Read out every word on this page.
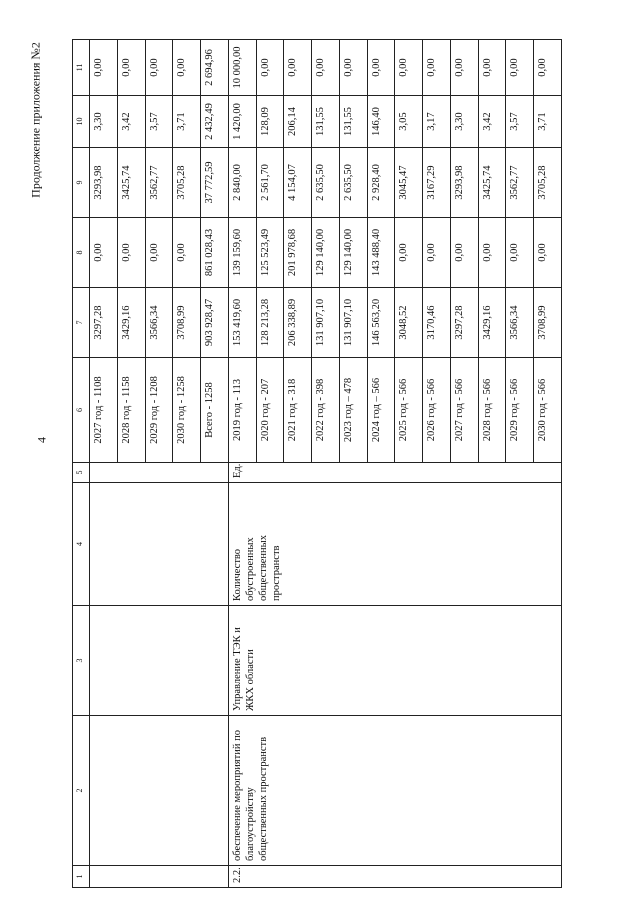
4
Продолжение приложения №2
1	2	3	4	5	6	7	8	9	10	11
					2027 год - 1108	3297,28	0,00	3293,98	3,30	0,00
					2028 год - 1158	3429,16	0,00	3425,74	3,42	0,00
					2029 год - 1208	3566,34	0,00	3562,77	3,57	0,00
					2030 год - 1258	3708,99	0,00	3705,28	3,71	0,00
					Всего - 1258	903 928,47	861 028,43	37 772,59	2 432,49	2 694,96
2.2.	обеспечение мероприятий по благоустройству общественных пространств	Управление ТЭК и ЖКХ области	Количество обустроенных общественных пространств	Ед.	2019 год - 113	153 419,60	139 159,60	2 840,00	1 420,00	10 000,00
					2020 год - 207	128 213,28	125 523,49	2 561,70	128,09	0,00
					2021 год - 318	206 338,89	201 978,68	4 154,07	206,14	0,00
					2022 год - 398	131 907,10	129 140,00	2 635,50	131,55	0,00
					2023 год – 478	131 907,10	129 140,00	2 635,50	131,55	0,00
					2024 год – 566	146 563,20	143 488,40	2 928,40	146,40	0,00
					2025 год - 566	3048,52	0,00	3045,47	3,05	0,00
					2026 год - 566	3170,46	0,00	3167,29	3,17	0,00
					2027 год - 566	3297,28	0,00	3293,98	3,30	0,00
					2028 год - 566	3429,16	0,00	3425,74	3,42	0,00
					2029 год - 566	3566,34	0,00	3562,77	3,57	0,00
					2030 год - 566	3708,99	0,00	3705,28	3,71	0,00
